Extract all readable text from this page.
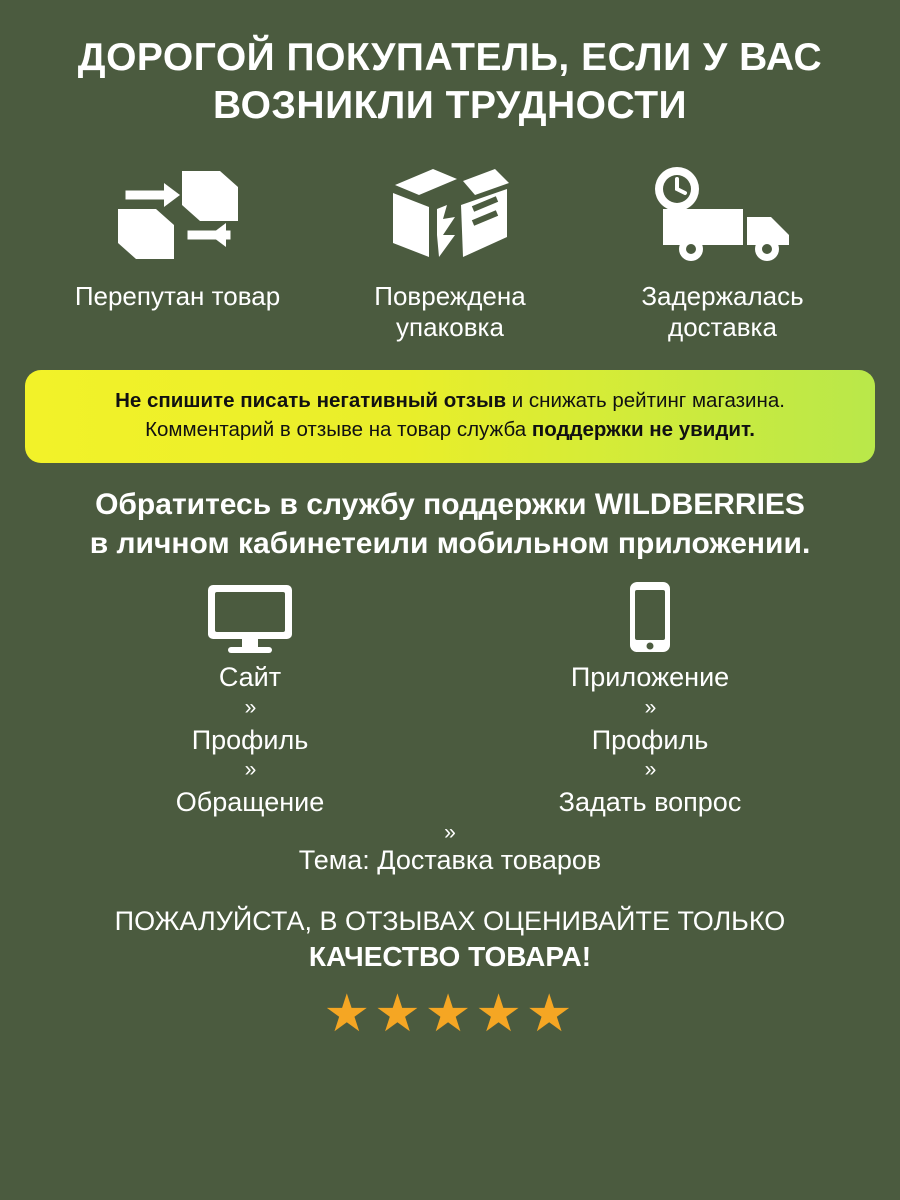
ДОРОГОЙ ПОКУПАТЕЛЬ, ЕСЛИ У ВАС ВОЗНИКЛИ ТРУДНОСТИ
Перепутан товар	Повреждена упаковка
Задержалась доставка
Не спишите писать негативный отзыв и снижать рейтинг магазина.
Комментарий в отзыве на товар служба поддержки не увидит.
Обратитесь в службу поддержки WILDBERRIES
в личном кабинетеили мобильном приложении.
Сайт
»
Профиль
»
Обращение
Приложение
»
Профиль
»
Задать вопрос
»
Тема: Доставка товаров
ПОЖАЛУЙСТА, В ОТЗЫВАХ ОЦЕНИВАЙТЕ ТОЛЬКО
КАЧЕСТВО ТОВАРА!
★★★★★
